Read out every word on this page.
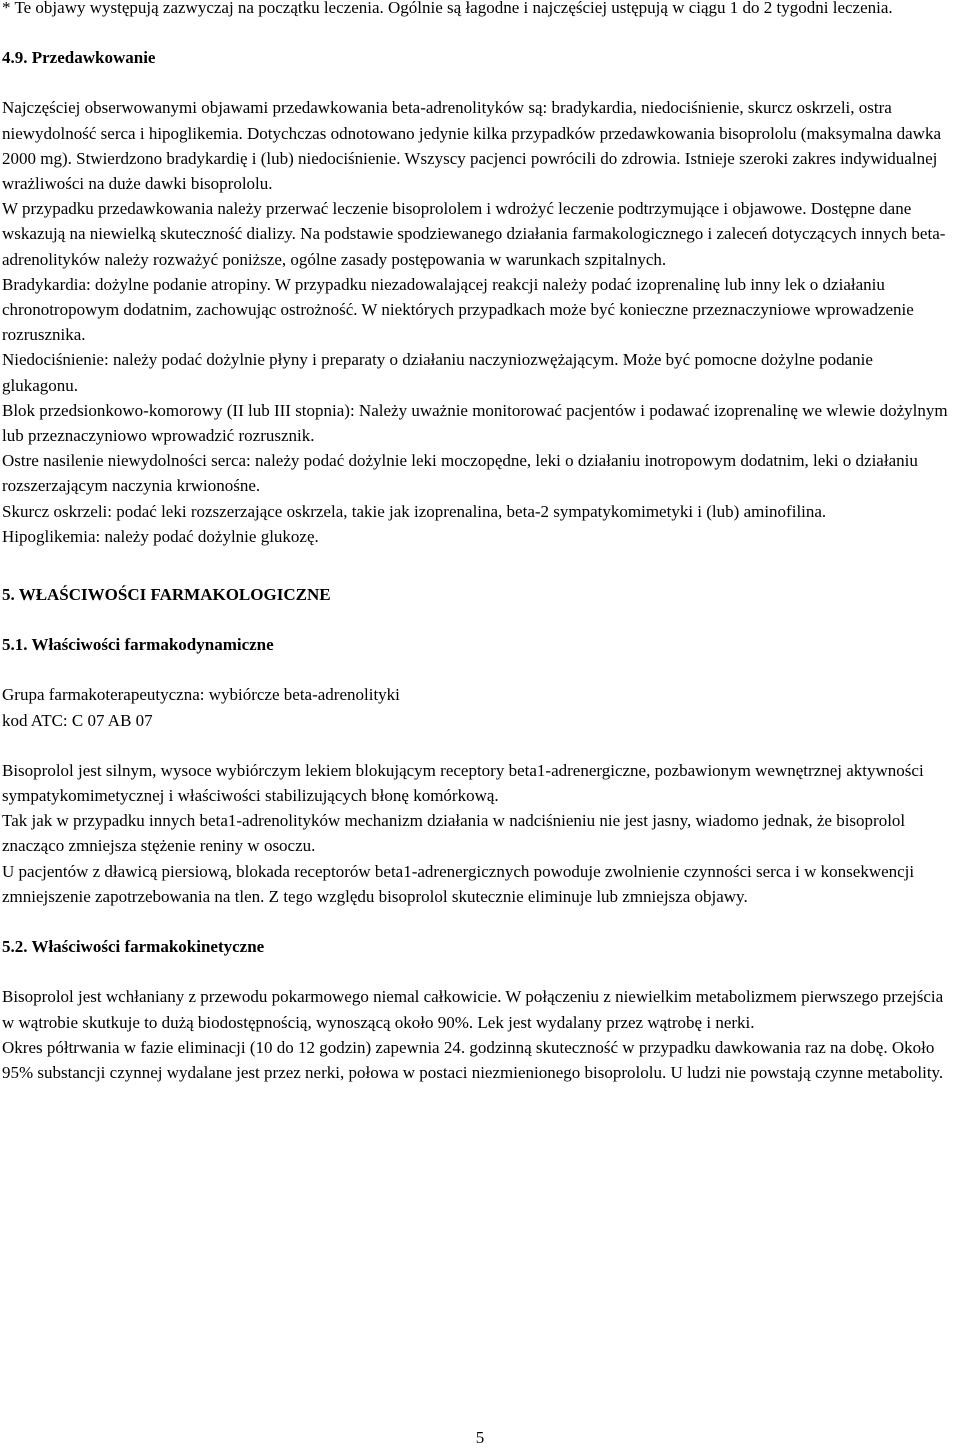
* Te objawy występują zazwyczaj na początku leczenia. Ogólnie są łagodne i najczęściej ustępują w ciągu 1 do 2 tygodni leczenia.

4.9. Przedawkowanie

Najczęściej obserwowanymi objawami przedawkowania beta-adrenolityków są: bradykardia, niedociśnienie, skurcz oskrzeli, ostra niewydolność serca i hipoglikemia. Dotychczas odnotowano jedynie kilka przypadków przedawkowania bisoprololu (maksymalna dawka 2000 mg). Stwierdzono bradykardię i (lub) niedociśnienie. Wszyscy pacjenci powrócili do zdrowia. Istnieje szeroki zakres indywidualnej wrażliwości na duże dawki bisoprololu.

W przypadku przedawkowania należy przerwać leczenie bisoprololem i wdrożyć leczenie podtrzymujące i objawowe. Dostępne dane wskazują na niewielką skuteczność dializy. Na podstawie spodziewanego działania farmakologicznego i zaleceń dotyczących innych beta-adrenolityków należy rozważyć poniższe, ogólne zasady postępowania w warunkach szpitalnych.

Bradykardia: dożylne podanie atropiny. W przypadku niezadowalającej reakcji należy podać izoprenalinę lub inny lek o działaniu chronotropowym dodatnim, zachowując ostrożność. W niektórych przypadkach może być konieczne przeznaczyniowe wprowadzenie rozrusznika.

Niedociśnienie: należy podać dożylnie płyny i preparaty o działaniu naczyniozwężającym. Może być pomocne dożylne podanie glukagonu.

Blok przedsionkowo-komorowy (II lub III stopnia): Należy uważnie monitorować pacjentów i podawać izoprenalinę we wlewie dożylnym lub przeznaczyniowo wprowadzić rozrusznik.

Ostre nasilenie niewydolności serca: należy podać dożylnie leki moczopędne, leki o działaniu inotropowym dodatnim, leki o działaniu rozszerzającym naczynia krwionośne.

Skurcz oskrzeli: podać leki rozszerzające oskrzela, takie jak izoprenalina, beta-2 sympatykomimetyki i (lub) aminofilina.

Hipoglikemia: należy podać dożylnie glukozę.

5. WŁAŚCIWOŚCI FARMAKOLOGICZNE

5.1. Właściwości farmakodynamiczne

Grupa farmakoterapeutyczna: wybiórcze beta-adrenolityki

kod ATC: C 07 AB 07

Bisoprolol jest silnym, wysoce wybiórczym lekiem blokującym receptory beta1-adrenergiczne, pozbawionym wewnętrznej aktywności sympatykomimetycznej i właściwości stabilizujących błonę komórkową.

Tak jak w przypadku innych beta1-adrenolityków mechanizm działania w nadciśnieniu nie jest jasny, wiadomo jednak, że bisoprolol znacząco zmniejsza stężenie reniny w osoczu.

U pacjentów z dławicą piersiową, blokada receptorów beta1-adrenergicznych powoduje zwolnienie czynności serca i w konsekwencji zmniejszenie zapotrzebowania na tlen. Z tego względu bisoprolol skutecznie eliminuje lub zmniejsza objawy.

5.2. Właściwości farmakokinetyczne

Bisoprolol jest wchłaniany z przewodu pokarmowego niemal całkowicie. W połączeniu z niewielkim metabolizmem pierwszego przejścia w wątrobie skutkuje to dużą biodostępnością, wynoszącą około 90%. Lek jest wydalany przez wątrobę i nerki.

Okres półtrwania w fazie eliminacji (10 do 12 godzin) zapewnia 24. godzinną skuteczność w przypadku dawkowania raz na dobę. Około 95% substancji czynnej wydalane jest przez nerki, połowa w postaci niezmienionego bisoprololu. U ludzi nie powstają czynne metabolity.

5
